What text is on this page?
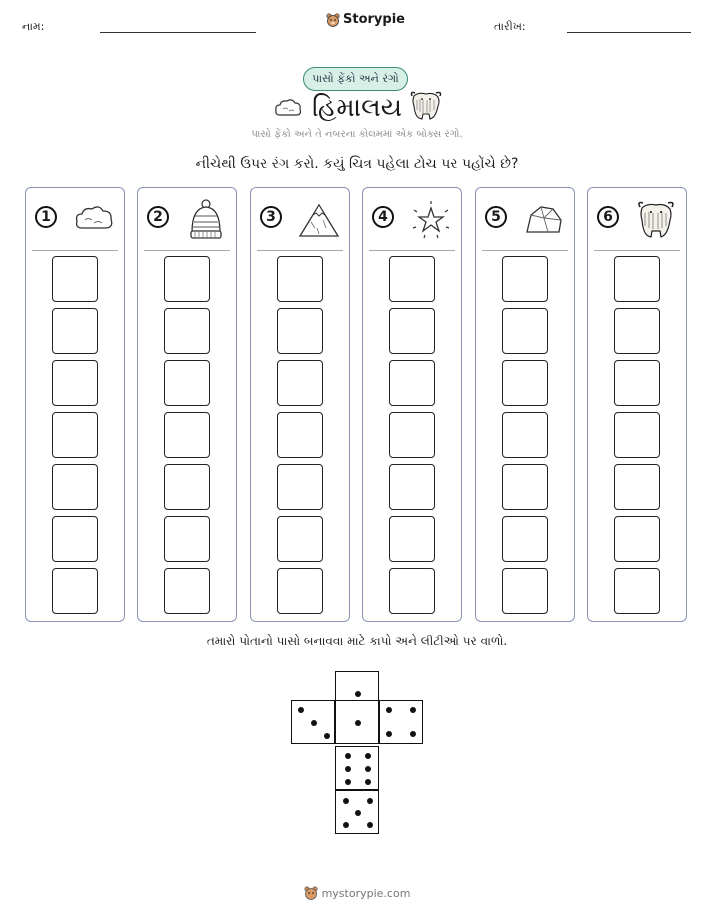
નામ:	Storypie	તારીખ:
પાસો ફેંકો અને રંગો
હિમાલય
પાસો ફેંકો અને તે નંબરના કોલમમાં એક બોક્સ રંગો.
નીચેથી ઉપર રંગ કરો. કયું ચિત્ર પહેલા ટોચ પર પહોંચે છે?
1	2	3	4	5	6
તમારો પોતાનો પાસો બનાવવા માટે કાપો અને લીટીઓ પર વાળો.
mystorypie.com
